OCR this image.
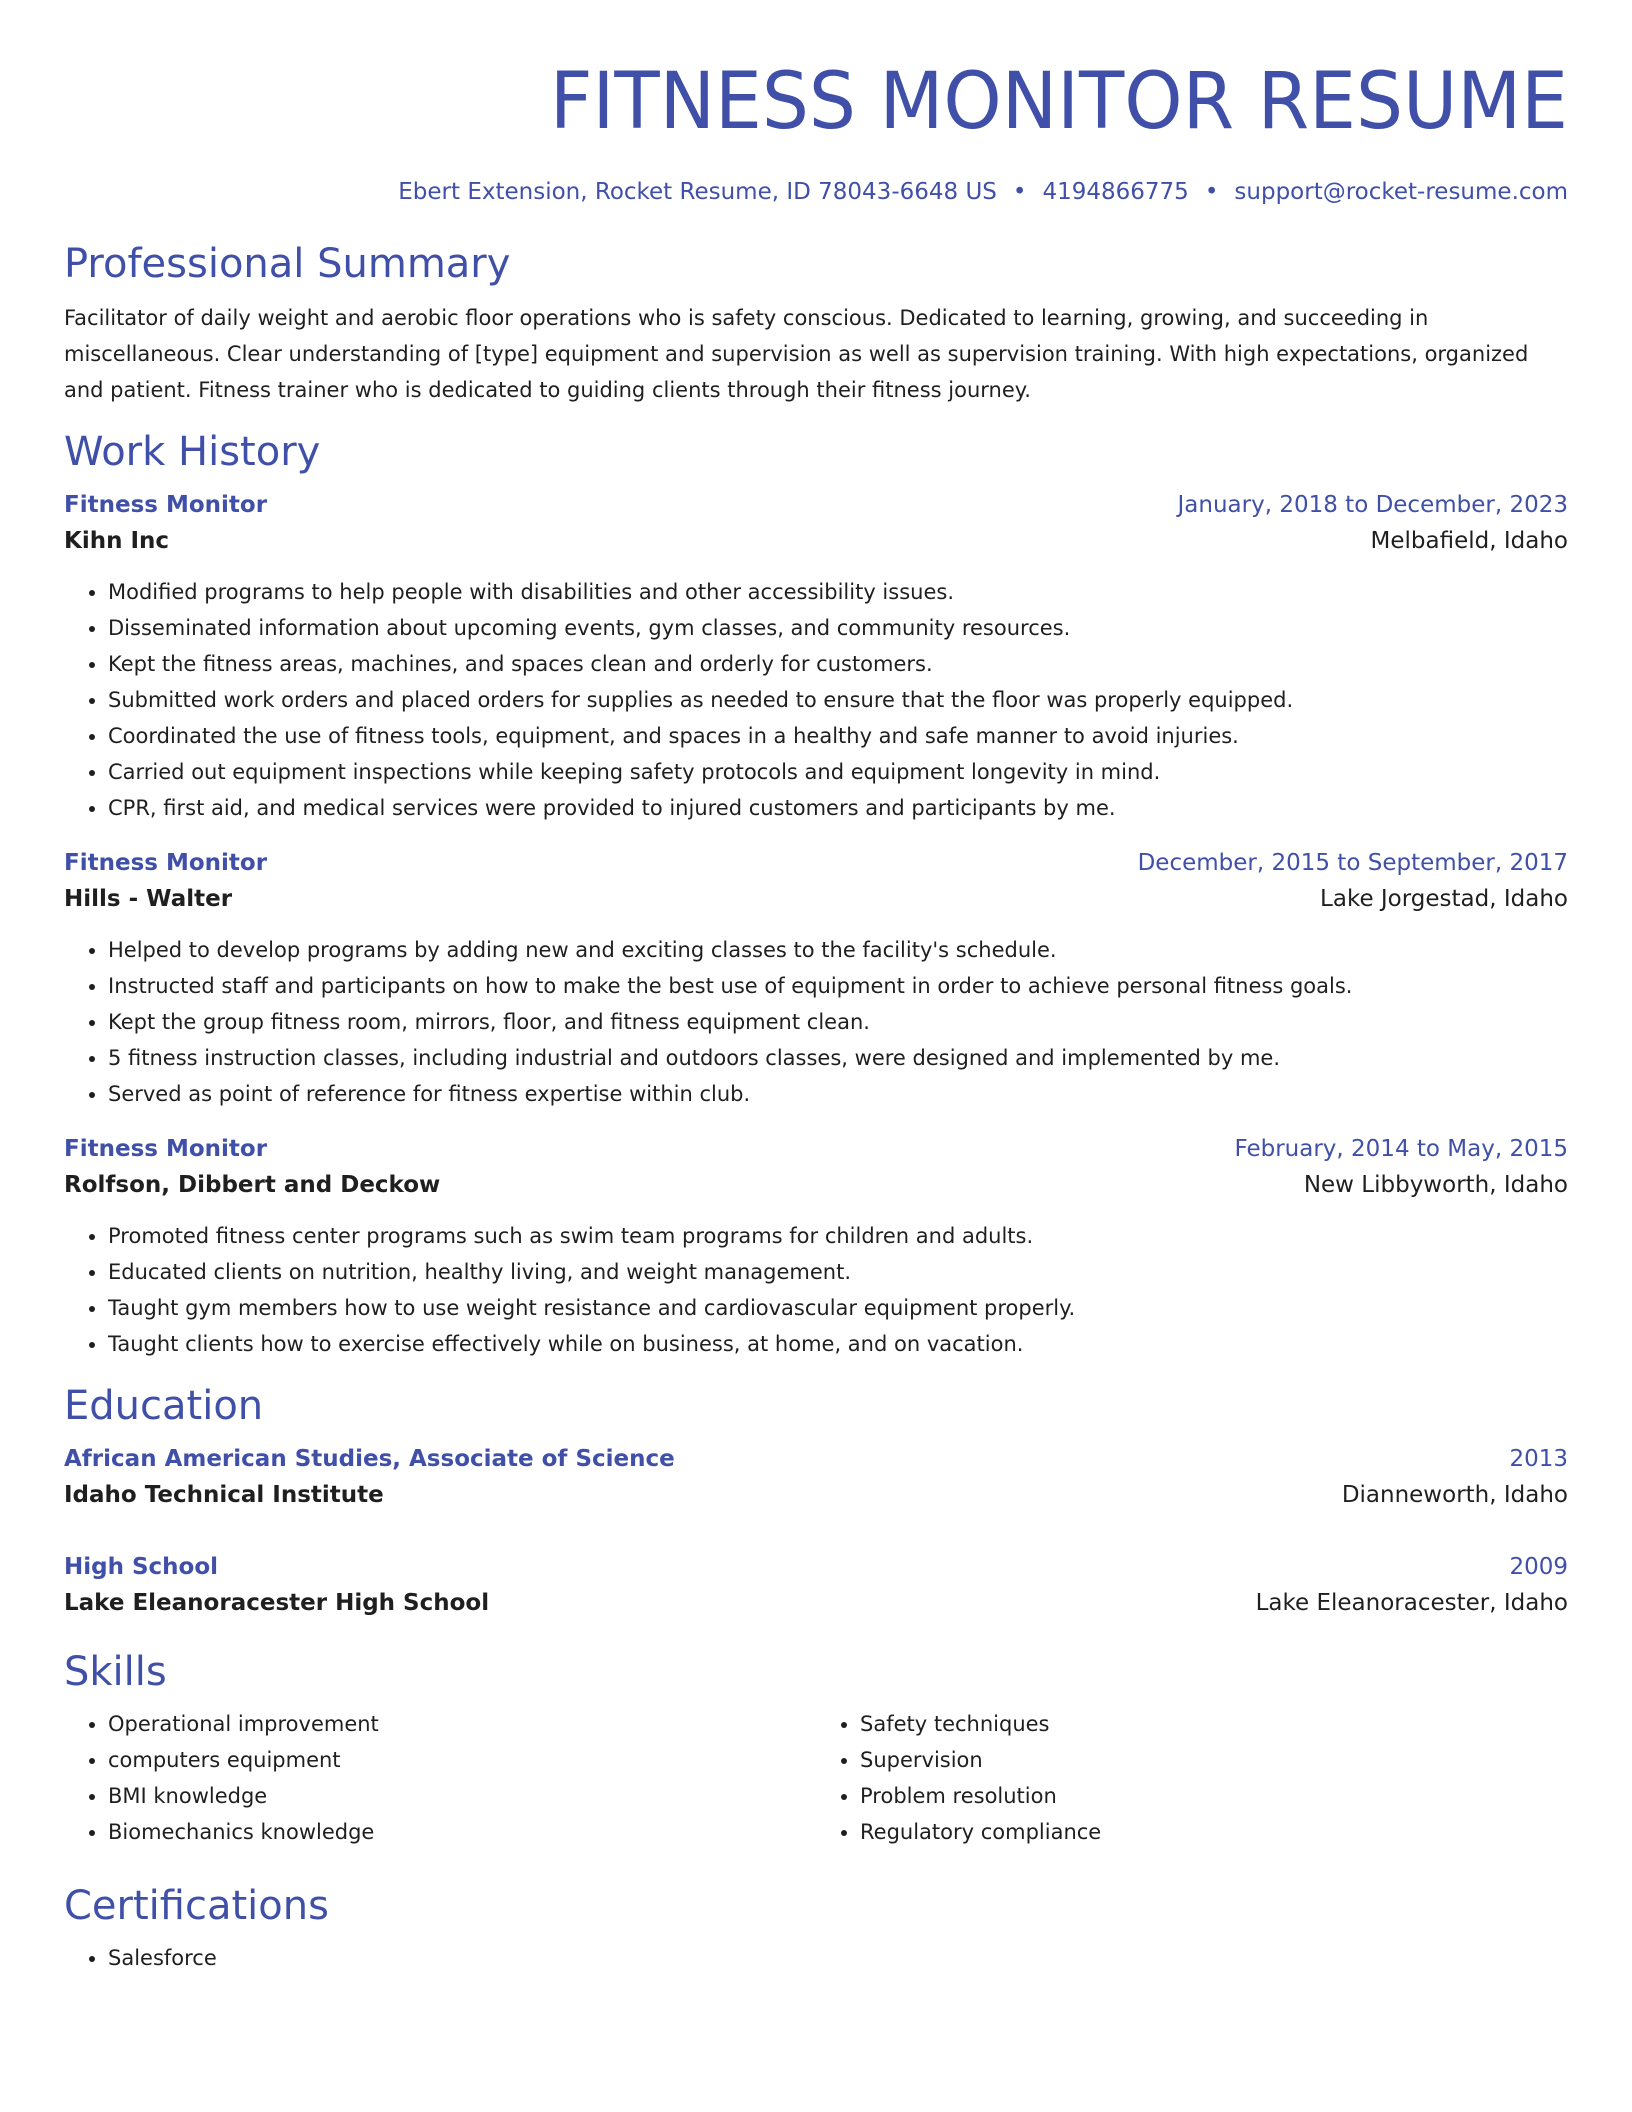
FITNESS MONITOR RESUME
Ebert Extension, Rocket Resume, ID 78043-6648 US • 4194866775 • support@rocket-resume.com
Professional Summary

Facilitator of daily weight and aerobic floor operations who is safety conscious. Dedicated to learning, growing, and succeeding in miscellaneous. Clear understanding of [type] equipment and supervision as well as supervision training. With high expectations, organized and patient. Fitness trainer who is dedicated to guiding clients through their fitness journey.

Work History
Fitness Monitor	January, 2018 to December, 2023
Kihn Inc	Melbafield, Idaho
• Modified programs to help people with disabilities and other accessibility issues.
• Disseminated information about upcoming events, gym classes, and community resources.
• Kept the fitness areas, machines, and spaces clean and orderly for customers.
• Submitted work orders and placed orders for supplies as needed to ensure that the floor was properly equipped.
• Coordinated the use of fitness tools, equipment, and spaces in a healthy and safe manner to avoid injuries.
• Carried out equipment inspections while keeping safety protocols and equipment longevity in mind.
• CPR, first aid, and medical services were provided to injured customers and participants by me.
Fitness Monitor	December, 2015 to September, 2017
Hills - Walter	Lake Jorgestad, Idaho
• Helped to develop programs by adding new and exciting classes to the facility's schedule.
• Instructed staff and participants on how to make the best use of equipment in order to achieve personal fitness goals.
• Kept the group fitness room, mirrors, floor, and fitness equipment clean.
• 5 fitness instruction classes, including industrial and outdoors classes, were designed and implemented by me.
• Served as point of reference for fitness expertise within club.
Fitness Monitor	February, 2014 to May, 2015
Rolfson, Dibbert and Deckow	New Libbyworth, Idaho
• Promoted fitness center programs such as swim team programs for children and adults.
• Educated clients on nutrition, healthy living, and weight management.
• Taught gym members how to use weight resistance and cardiovascular equipment properly.
• Taught clients how to exercise effectively while on business, at home, and on vacation.
Education
African American Studies, Associate of Science	2013
Idaho Technical Institute	Dianneworth, Idaho
High School	2009
Lake Eleanoracester High School	Lake Eleanoracester, Idaho
Skills
• Operational improvement
• computers equipment
• BMI knowledge
• Biomechanics knowledge
• Safety techniques
• Supervision
• Problem resolution
• Regulatory compliance
Certifications
• Salesforce
